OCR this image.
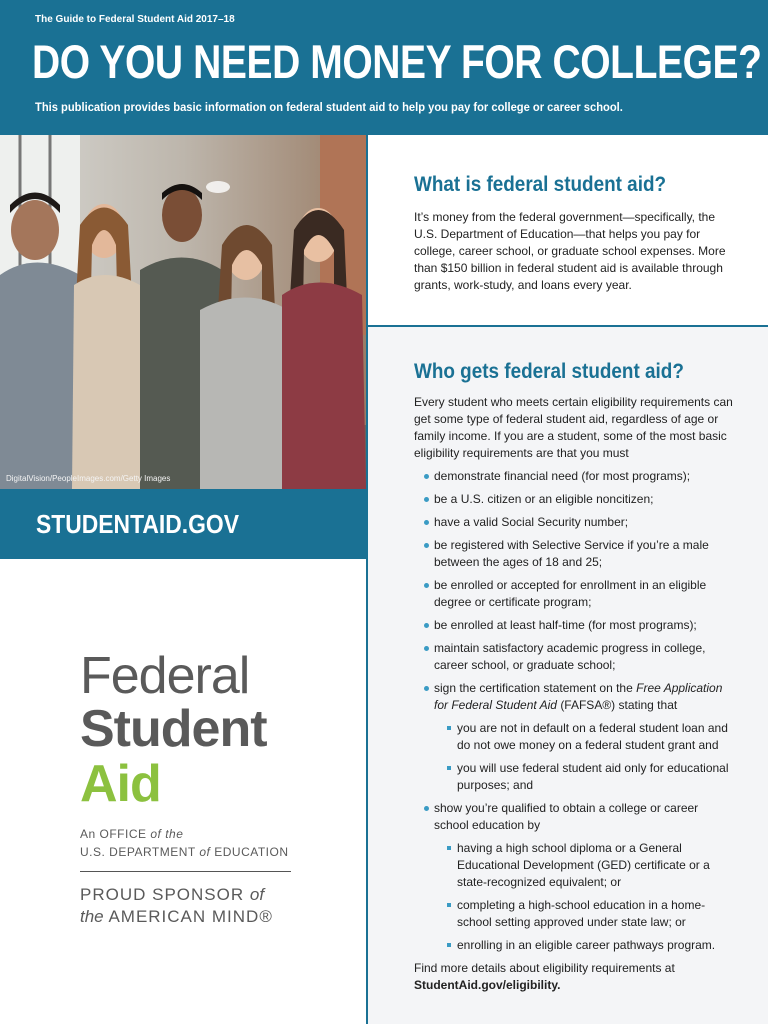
The Guide to Federal Student Aid 2017–18
DO YOU NEED MONEY FOR COLLEGE?
This publication provides basic information on federal student aid to help you pay for college or career school.
DigitalVision/PeopleImages.com/Getty Images
STUDENTAID.GOV
Federal
Student
Aid
An OFFICE of the
U.S. DEPARTMENT of EDUCATION
PROUD SPONSOR of
the AMERICAN MIND®
What is federal student aid?
It’s money from the federal government—specifically, the U.S. Department of Education—that helps you pay for college, career school, or graduate school expenses. More than $150 billion in federal student aid is available through grants, work-study, and loans every year.
Who gets federal student aid?
Every student who meets certain eligibility requirements can get some type of federal student aid, regardless of age or family income. If you are a student, some of the most basic eligibility requirements are that you must
demonstrate financial need (for most programs);
be a U.S. citizen or an eligible noncitizen;
have a valid Social Security number;
be registered with Selective Service if you’re a male between the ages of 18 and 25;
be enrolled or accepted for enrollment in an eligible degree or certificate program;
be enrolled at least half-time (for most programs);
maintain satisfactory academic progress in college, career school, or graduate school;
sign the certification statement on the Free Application for Federal Student Aid (FAFSA®) stating that
you are not in default on a federal student loan and do not owe money on a federal student grant and
you will use federal student aid only for educational purposes; and
show you’re qualified to obtain a college or career school education by
having a high school diploma or a General Educational Development (GED) certificate or a state-recognized equivalent; or
completing a high-school education in a home-school setting approved under state law; or
enrolling in an eligible career pathways program.
Find more details about eligibility requirements at StudentAid.gov/eligibility.
